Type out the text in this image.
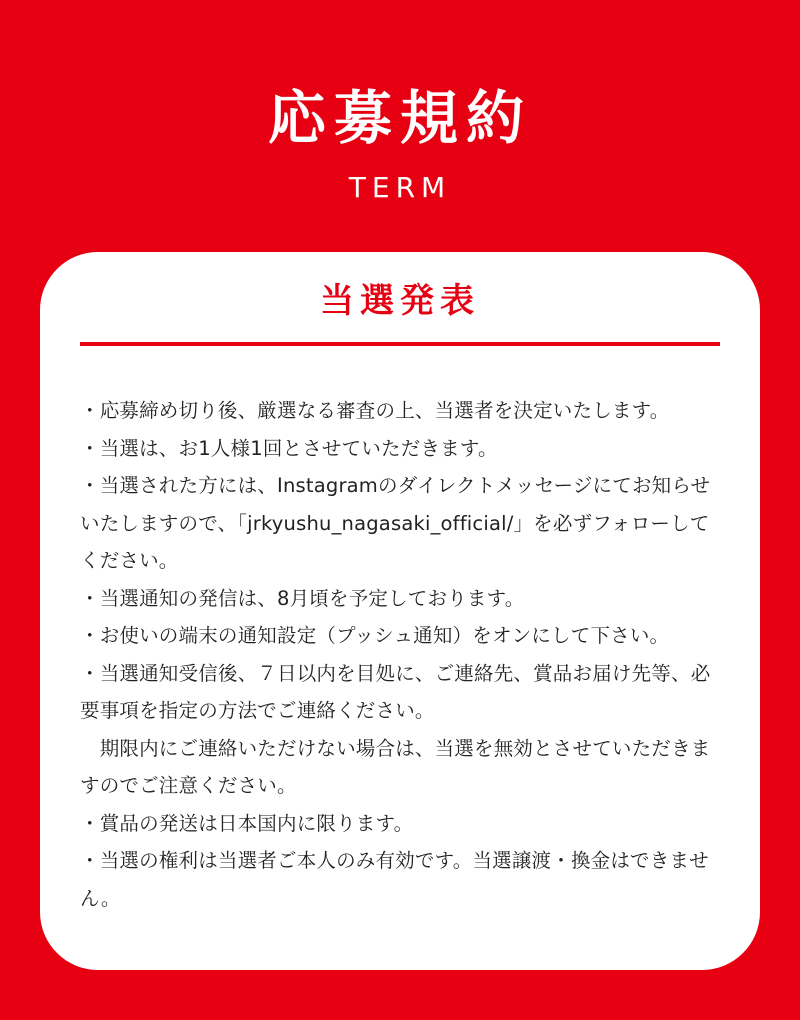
応募規約
TERM
当選発表
・応募締め切り後、厳選なる審査の上、当選者を決定いたします。
・当選は、お1人様1回とさせていただきます。
・当選された方には、Instagramのダイレクトメッセージにてお知らせいたしますので、「jrkyushu_nagasaki_official/」を必ずフォローしてください。
・当選通知の発信は、8月頃を予定しております。
・お使いの端末の通知設定（プッシュ通知）をオンにして下さい。
・当選通知受信後、７日以内を目処に、ご連絡先、賞品お届け先等、必要事項を指定の方法でご連絡ください。
　期限内にご連絡いただけない場合は、当選を無効とさせていただきますのでご注意ください。
・賞品の発送は日本国内に限ります。
・当選の権利は当選者ご本人のみ有効です。当選譲渡・換金はできません。
